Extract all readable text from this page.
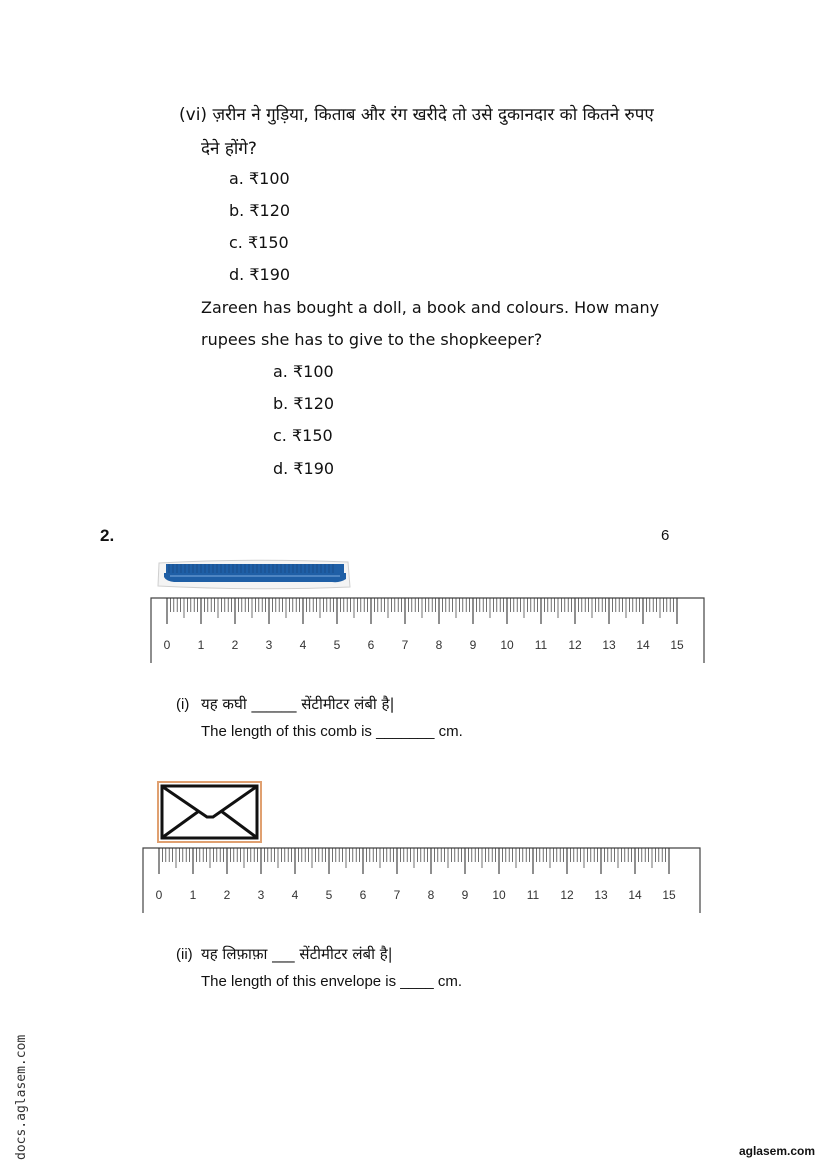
(vi) ज़रीन ने गुड़िया, किताब और रंग खरीदे तो उसे दुकानदार को कितने रुपए
देने होंगे?
a. ₹100
b. ₹120
c. ₹150
d. ₹190
Zareen has bought a doll, a book and colours. How many
rupees she has to give to the shopkeeper?
a. ₹100
b. ₹120
c. ₹150
d. ₹190
2.	6
0 1 2 3 4 5 6 7 8 9 10 11 12 13 14 15
(i) यह कघी ______ सेंटीमीटर लंबी है|
The length of this comb is _______ cm.
0 1 2 3 4 5 6 7 8 9 10 11 12 13 14 15
(ii) यह लिफ़ाफ़ा ___ सेंटीमीटर लंबी है|
The length of this envelope is ____ cm.
docs.aglasem.com	aglasem.com
